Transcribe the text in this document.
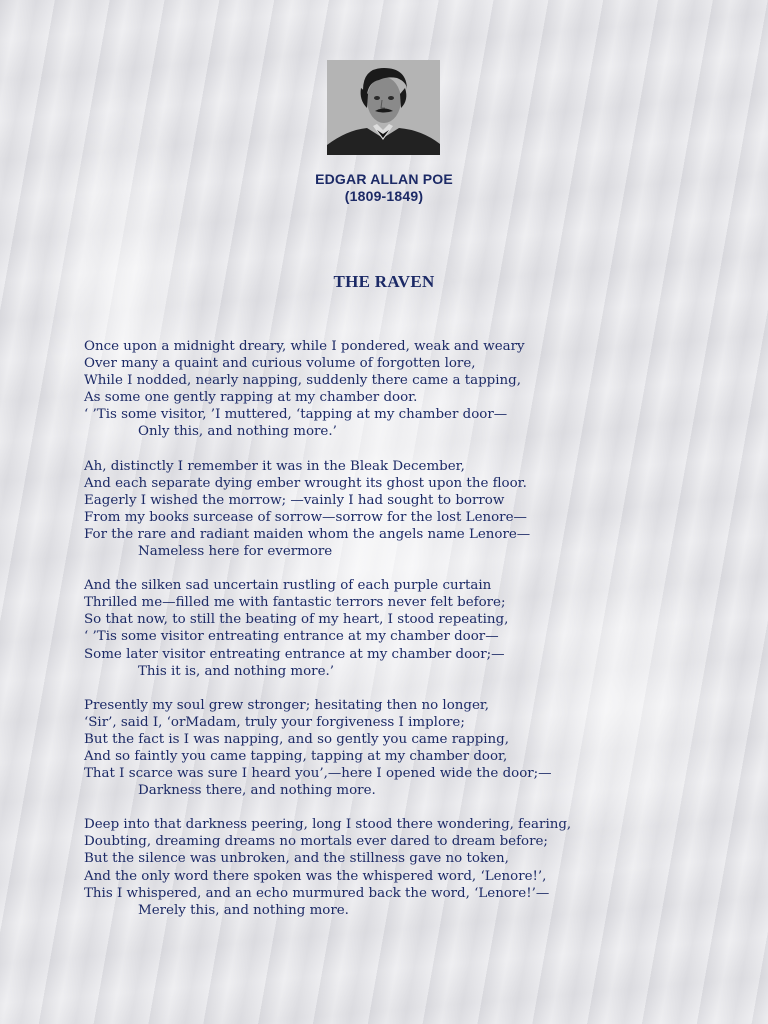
EDGAR ALLAN POE
(1809-1849)
THE RAVEN
Once upon a midnight dreary, while I pondered, weak and weary
Over many a quaint and curious volume of forgotten lore,
While I nodded, nearly napping, suddenly there came a tapping,
As some one gently rapping at my chamber door.
‘ ’Tis some visitor, ’I muttered, ‘tapping at my chamber door—
Only this, and nothing more.’
Ah, distinctly I remember it was in the Bleak December,
And each separate dying ember wrought its ghost upon the floor.
Eagerly I wished the morrow; —vainly I had sought to borrow
From my books surcease of sorrow—sorrow for the lost Lenore—
For the rare and radiant maiden whom the angels name Lenore—
Nameless here for evermore
And the silken sad uncertain rustling of each purple curtain
Thrilled me—filled me with fantastic terrors never felt before;
So that now, to still the beating of my heart, I stood repeating,
‘ ’Tis some visitor entreating entrance at my chamber door—
Some later visitor entreating entrance at my chamber door;—
This it is, and nothing more.’
Presently my soul grew stronger; hesitating then no longer,
‘Sir’, said I, ‘orMadam, truly your forgiveness I implore;
But the fact is I was napping, and so gently you came rapping,
And so faintly you came tapping, tapping at my chamber door,
That I scarce was sure I heard you’,—here I opened wide the door;—
Darkness there, and nothing more.
Deep into that darkness peering, long I stood there wondering, fearing,
Doubting, dreaming dreams no mortals ever dared to dream before;
But the silence was unbroken, and the stillness gave no token,
And the only word there spoken was the whispered word, ‘Lenore!’,
This I whispered, and an echo murmured back the word, ‘Lenore!’—
Merely this, and nothing more.
